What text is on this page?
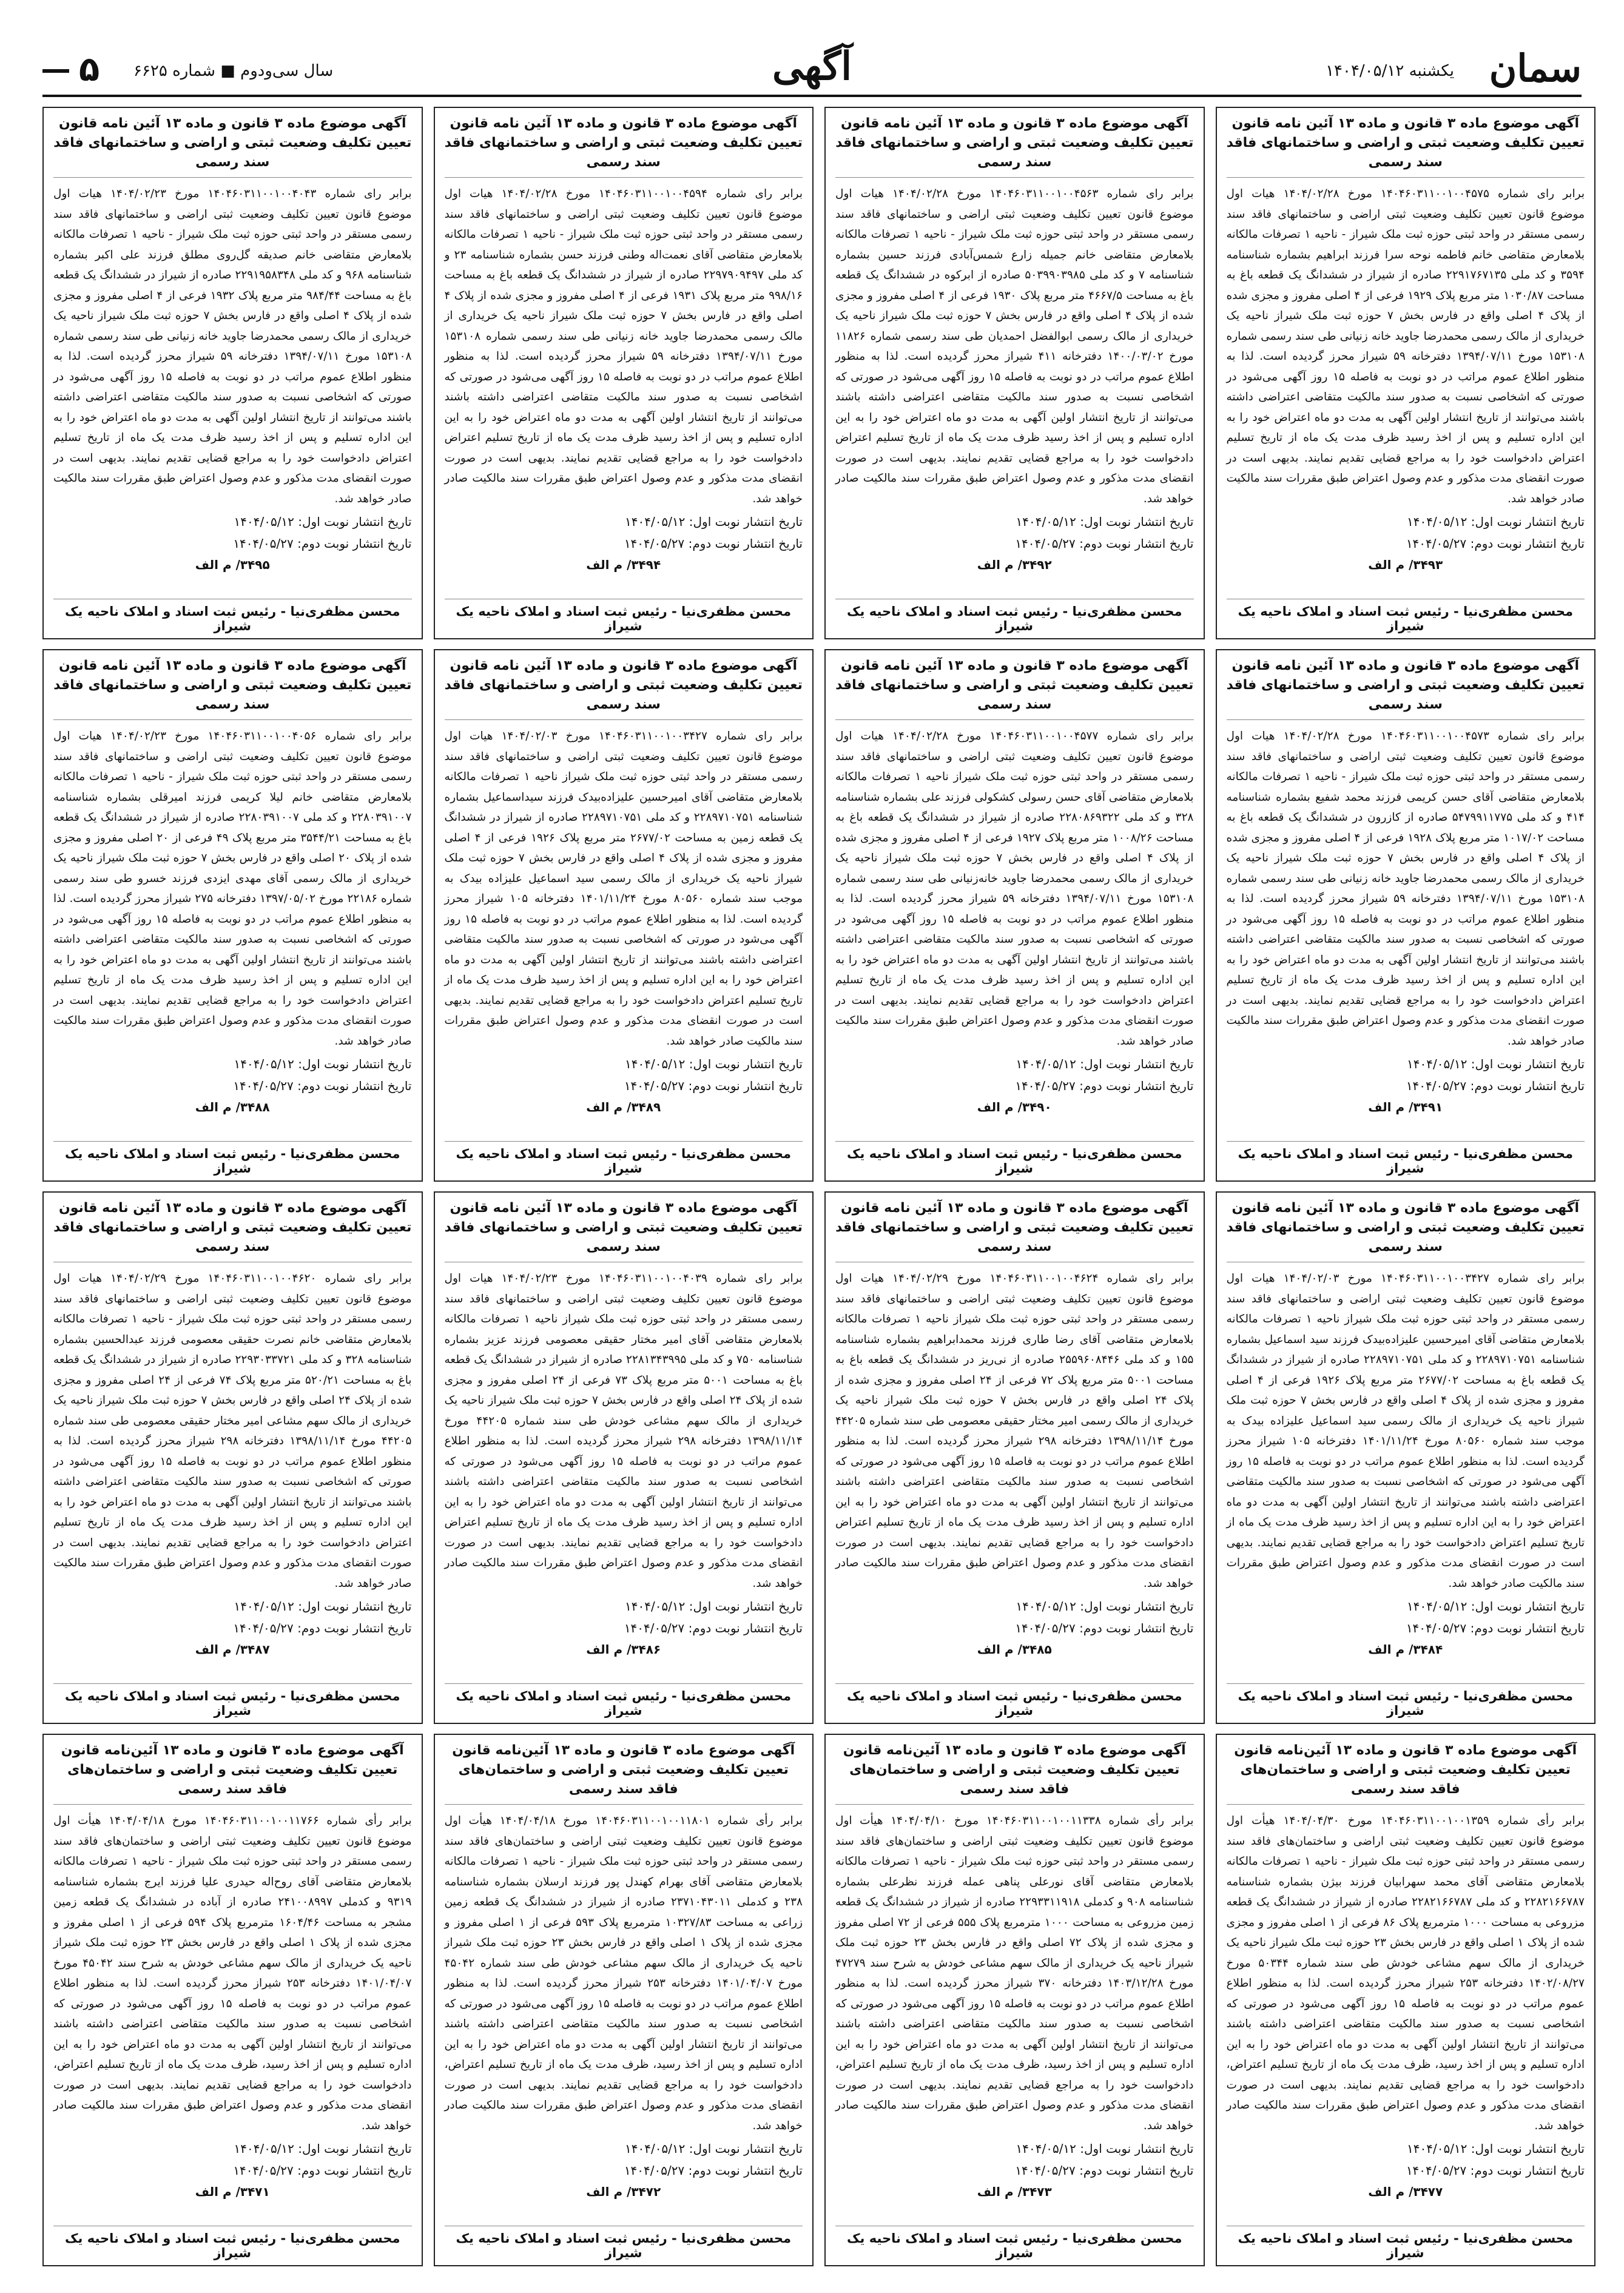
سمان
یکشنبه ۱۴۰۴/۰۵/۱۲
آگهی
سال سی‌ودوم ■ شماره ۶۶۲۵
۵
آگهی موضوع ماده ۳ قانون و ماده ۱۳ آئین نامه قانون تعیین تکلیف وضعیت ثبتی و اراضی و ساختمانهای فاقد سند رسمی
برابر رای شماره ۱۴۰۴۶۰۳۱۱۰۰۱۰۰۴۵۷۵ مورخ ۱۴۰۴/۰۲/۲۸ هیات اول موضوع قانون تعیین تکلیف وضعیت ثبتی اراضی و ساختمانهای فاقد سند رسمی مستقر در واحد ثبتی حوزه ثبت ملک شیراز - ناحیه ۱ تصرفات مالکانه بلامعارض متقاضی خانم فاطمه نوحه سرا فرزند ابراهیم بشماره شناسنامه ۳۵۹۴ و کد ملی ۲۲۹۱۷۶۷۱۳۵ صادره از شیراز در ششدانگ یک قطعه باغ به مساحت ۱۰۳۰/۸۷ متر مربع پلاک ۱۹۲۹ فرعی از ۴ اصلی مفروز و مجزی شده از پلاک ۴ اصلی واقع در فارس بخش ۷ حوزه ثبت ملک شیراز ناحیه یک خریداری از مالک رسمی محمدرضا جاوید خانه زنیانی طی سند رسمی شماره ۱۵۳۱۰۸ مورخ ۱۳۹۴/۰۷/۱۱ دفترخانه ۵۹ شیراز محرز گردیده است. لذا به منظور اطلاع عموم مراتب در دو نوبت به فاصله ۱۵ روز آگهی می‌شود در صورتی که اشخاصی نسبت به صدور سند مالکیت متقاضی اعتراضی داشته باشند می‌توانند از تاریخ انتشار اولین آگهی به مدت دو ماه اعتراض خود را به این اداره تسلیم و پس از اخذ رسید ظرف مدت یک ماه از تاریخ تسلیم اعتراض دادخواست خود را به مراجع قضایی تقدیم نمایند. بدیهی است در صورت انقضای مدت مذکور و عدم وصول اعتراض طبق مقررات سند مالکیت صادر خواهد شد.
تاریخ انتشار نوبت اول: ۱۴۰۴/۰۵/۱۲
تاریخ انتشار نوبت دوم: ۱۴۰۴/۰۵/۲۷
۳۴۹۳/ م الف
محسن مظفری‌نیا - رئیس ثبت اسناد و املاک ناحیه یک شیراز
آگهی موضوع ماده ۳ قانون و ماده ۱۳ آئین نامه قانون تعیین تکلیف وضعیت ثبتی و اراضی و ساختمانهای فاقد سند رسمی
برابر رای شماره ۱۴۰۴۶۰۳۱۱۰۰۱۰۰۴۵۶۳ مورخ ۱۴۰۴/۰۲/۲۸ هیات اول موضوع قانون تعیین تکلیف وضعیت ثبتی اراضی و ساختمانهای فاقد سند رسمی مستقر در واحد ثبتی حوزه ثبت ملک شیراز - ناحیه ۱ تصرفات مالکانه بلامعارض متقاضی خانم جمیله زارع شمس‌آبادی فرزند حسین بشماره شناسنامه ۷ و کد ملی ۵۰۳۹۹۰۳۹۸۵ صادره از ابرکوه در ششدانگ یک قطعه باغ به مساحت ۴۶۶۷/۵ متر مربع پلاک ۱۹۳۰ فرعی از ۴ اصلی مفروز و مجزی شده از پلاک ۴ اصلی واقع در فارس بخش ۷ حوزه ثبت ملک شیراز ناحیه یک خریداری از مالک رسمی ابوالفضل احمدیان طی سند رسمی شماره ۱۱۸۲۶ مورخ ۱۴۰۰/۰۳/۰۲ دفترخانه ۴۱۱ شیراز محرز گردیده است. لذا به منظور اطلاع عموم مراتب در دو نوبت به فاصله ۱۵ روز آگهی می‌شود در صورتی که اشخاصی نسبت به صدور سند مالکیت متقاضی اعتراضی داشته باشند می‌توانند از تاریخ انتشار اولین آگهی به مدت دو ماه اعتراض خود را به این اداره تسلیم و پس از اخذ رسید ظرف مدت یک ماه از تاریخ تسلیم اعتراض دادخواست خود را به مراجع قضایی تقدیم نمایند. بدیهی است در صورت انقضای مدت مذکور و عدم وصول اعتراض طبق مقررات سند مالکیت صادر خواهد شد.
تاریخ انتشار نوبت اول: ۱۴۰۴/۰۵/۱۲
تاریخ انتشار نوبت دوم: ۱۴۰۴/۰۵/۲۷
۳۴۹۲/ م الف
محسن مظفری‌نیا - رئیس ثبت اسناد و املاک ناحیه یک شیراز
آگهی موضوع ماده ۳ قانون و ماده ۱۳ آئین نامه قانون تعیین تکلیف وضعیت ثبتی و اراضی و ساختمانهای فاقد سند رسمی
برابر رای شماره ۱۴۰۴۶۰۳۱۱۰۰۱۰۰۴۵۹۴ مورخ ۱۴۰۴/۰۲/۲۸ هیات اول موضوع قانون تعیین تکلیف وضعیت ثبتی اراضی و ساختمانهای فاقد سند رسمی مستقر در واحد ثبتی حوزه ثبت ملک شیراز - ناحیه ۱ تصرفات مالکانه بلامعارض متقاضی آقای نعمت‌اله وطنی فرزند حسن بشماره شناسنامه ۲۳ و کد ملی ۲۲۹۷۹۰۹۴۹۷ صادره از شیراز در ششدانگ یک قطعه باغ به مساحت ۹۹۸/۱۶ متر مربع پلاک ۱۹۳۱ فرعی از ۴ اصلی مفروز و مجزی شده از پلاک ۴ اصلی واقع در فارس بخش ۷ حوزه ثبت ملک شیراز ناحیه یک خریداری از مالک رسمی محمدرضا جاوید خانه زنیانی طی سند رسمی شماره ۱۵۳۱۰۸ مورخ ۱۳۹۴/۰۷/۱۱ دفترخانه ۵۹ شیراز محرز گردیده است. لذا به منظور اطلاع عموم مراتب در دو نوبت به فاصله ۱۵ روز آگهی می‌شود در صورتی که اشخاصی نسبت به صدور سند مالکیت متقاضی اعتراضی داشته باشند می‌توانند از تاریخ انتشار اولین آگهی به مدت دو ماه اعتراض خود را به این اداره تسلیم و پس از اخذ رسید ظرف مدت یک ماه از تاریخ تسلیم اعتراض دادخواست خود را به مراجع قضایی تقدیم نمایند. بدیهی است در صورت انقضای مدت مذکور و عدم وصول اعتراض طبق مقررات سند مالکیت صادر خواهد شد.
تاریخ انتشار نوبت اول: ۱۴۰۴/۰۵/۱۲
تاریخ انتشار نوبت دوم: ۱۴۰۴/۰۵/۲۷
۳۴۹۴/ م الف
محسن مظفری‌نیا - رئیس ثبت اسناد و املاک ناحیه یک شیراز
آگهی موضوع ماده ۳ قانون و ماده ۱۳ آئین نامه قانون تعیین تکلیف وضعیت ثبتی و اراضی و ساختمانهای فاقد سند رسمی
برابر رای شماره ۱۴۰۴۶۰۳۱۱۰۰۱۰۰۴۰۴۳ مورخ ۱۴۰۴/۰۲/۲۳ هیات اول موضوع قانون تعیین تکلیف وضعیت ثبتی اراضی و ساختمانهای فاقد سند رسمی مستقر در واحد ثبتی حوزه ثبت ملک شیراز - ناحیه ۱ تصرفات مالکانه بلامعارض متقاضی خانم صدیقه گل‌روی مطلق فرزند علی اکبر بشماره شناسنامه ۹۶۸ و کد ملی ۲۲۹۱۹۵۸۳۴۸ صادره از شیراز در ششدانگ یک قطعه باغ به مساحت ۹۸۴/۴۴ متر مربع پلاک ۱۹۳۲ فرعی از ۴ اصلی مفروز و مجزی شده از پلاک ۴ اصلی واقع در فارس بخش ۷ حوزه ثبت ملک شیراز ناحیه یک خریداری از مالک رسمی محمدرضا جاوید خانه زنیانی طی سند رسمی شماره ۱۵۳۱۰۸ مورخ ۱۳۹۴/۰۷/۱۱ دفترخانه ۵۹ شیراز محرز گردیده است. لذا به منظور اطلاع عموم مراتب در دو نوبت به فاصله ۱۵ روز آگهی می‌شود در صورتی که اشخاصی نسبت به صدور سند مالکیت متقاضی اعتراضی داشته باشند می‌توانند از تاریخ انتشار اولین آگهی به مدت دو ماه اعتراض خود را به این اداره تسلیم و پس از اخذ رسید ظرف مدت یک ماه از تاریخ تسلیم اعتراض دادخواست خود را به مراجع قضایی تقدیم نمایند. بدیهی است در صورت انقضای مدت مذکور و عدم وصول اعتراض طبق مقررات سند مالکیت صادر خواهد شد.
تاریخ انتشار نوبت اول: ۱۴۰۴/۰۵/۱۲
تاریخ انتشار نوبت دوم: ۱۴۰۴/۰۵/۲۷
۳۴۹۵/ م الف
محسن مظفری‌نیا - رئیس ثبت اسناد و املاک ناحیه یک شیراز
آگهی موضوع ماده ۳ قانون و ماده ۱۳ آئین نامه قانون تعیین تکلیف وضعیت ثبتی و اراضی و ساختمانهای فاقد سند رسمی
برابر رای شماره ۱۴۰۴۶۰۳۱۱۰۰۱۰۰۴۵۷۳ مورخ ۱۴۰۴/۰۲/۲۸ هیات اول موضوع قانون تعیین تکلیف وضعیت ثبتی اراضی و ساختمانهای فاقد سند رسمی مستقر در واحد ثبتی حوزه ثبت ملک شیراز - ناحیه ۱ تصرفات مالکانه بلامعارض متقاضی آقای حسن کریمی فرزند محمد شفیع بشماره شناسنامه ۴۱۴ و کد ملی ۵۴۷۹۹۱۱۷۷۵ صادره از کازرون در ششدانگ یک قطعه باغ به مساحت ۱۰۱۷/۰۲ متر مربع پلاک ۱۹۲۸ فرعی از ۴ اصلی مفروز و مجزی شده از پلاک ۴ اصلی واقع در فارس بخش ۷ حوزه ثبت ملک شیراز ناحیه یک خریداری از مالک رسمی محمدرضا جاوید خانه زنیانی طی سند رسمی شماره ۱۵۳۱۰۸ مورخ ۱۳۹۴/۰۷/۱۱ دفترخانه ۵۹ شیراز محرز گردیده است. لذا به منظور اطلاع عموم مراتب در دو نوبت به فاصله ۱۵ روز آگهی می‌شود در صورتی که اشخاصی نسبت به صدور سند مالکیت متقاضی اعتراضی داشته باشند می‌توانند از تاریخ انتشار اولین آگهی به مدت دو ماه اعتراض خود را به این اداره تسلیم و پس از اخذ رسید ظرف مدت یک ماه از تاریخ تسلیم اعتراض دادخواست خود را به مراجع قضایی تقدیم نمایند. بدیهی است در صورت انقضای مدت مذکور و عدم وصول اعتراض طبق مقررات سند مالکیت صادر خواهد شد.
تاریخ انتشار نوبت اول: ۱۴۰۴/۰۵/۱۲
تاریخ انتشار نوبت دوم: ۱۴۰۴/۰۵/۲۷
۳۴۹۱/ م الف
محسن مظفری‌نیا - رئیس ثبت اسناد و املاک ناحیه یک شیراز
آگهی موضوع ماده ۳ قانون و ماده ۱۳ آئین نامه قانون تعیین تکلیف وضعیت ثبتی و اراضی و ساختمانهای فاقد سند رسمی
برابر رای شماره ۱۴۰۴۶۰۳۱۱۰۰۱۰۰۴۵۷۷ مورخ ۱۴۰۴/۰۲/۲۸ هیات اول موضوع قانون تعیین تکلیف وضعیت ثبتی اراضی و ساختمانهای فاقد سند رسمی مستقر در واحد ثبتی حوزه ثبت ملک شیراز ناحیه ۱ تصرفات مالکانه بلامعارض متقاضی آقای حسن رسولی کشکولی فرزند علی بشماره شناسنامه ۳۲۸ و کد ملی ۲۲۸۰۸۶۹۳۲۲ صادره از شیراز در ششدانگ یک قطعه باغ به مساحت ۱۰۰۸/۲۶ متر مربع پلاک ۱۹۲۷ فرعی از ۴ اصلی مفروز و مجزی شده از پلاک ۴ اصلی واقع در فارس بخش ۷ حوزه ثبت ملک شیراز ناحیه یک خریداری از مالک رسمی محمدرضا جاوید خانه‌زنیانی طی سند رسمی شماره ۱۵۳۱۰۸ مورخ ۱۳۹۴/۰۷/۱۱ دفترخانه ۵۹ شیراز محرز گردیده است. لذا به منظور اطلاع عموم مراتب در دو نوبت به فاصله ۱۵ روز آگهی می‌شود در صورتی که اشخاصی نسبت به صدور سند مالکیت متقاضی اعتراضی داشته باشند می‌توانند از تاریخ انتشار اولین آگهی به مدت دو ماه اعتراض خود را به این اداره تسلیم و پس از اخذ رسید ظرف مدت یک ماه از تاریخ تسلیم اعتراض دادخواست خود را به مراجع قضایی تقدیم نمایند. بدیهی است در صورت انقضای مدت مذکور و عدم وصول اعتراض طبق مقررات سند مالکیت صادر خواهد شد.
تاریخ انتشار نوبت اول: ۱۴۰۴/۰۵/۱۲
تاریخ انتشار نوبت دوم: ۱۴۰۴/۰۵/۲۷
۳۴۹۰/ م الف
محسن مظفری‌نیا - رئیس ثبت اسناد و املاک ناحیه یک شیراز
آگهی موضوع ماده ۳ قانون و ماده ۱۳ آئین نامه قانون تعیین تکلیف وضعیت ثبتی و اراضی و ساختمانهای فاقد سند رسمی
برابر رای شماره ۱۴۰۴۶۰۳۱۱۰۰۱۰۰۳۴۲۷ مورخ ۱۴۰۴/۰۲/۰۳ هیات اول موضوع قانون تعیین تکلیف وضعیت ثبتی اراضی و ساختمانهای فاقد سند رسمی مستقر در واحد ثبتی حوزه ثبت ملک شیراز ناحیه ۱ تصرفات مالکانه بلامعارض متقاضی آقای امیرحسین علیزاده‌بیدک فرزند سیداسماعیل بشماره شناسنامه ۲۲۸۹۷۱۰۷۵۱ و کد ملی ۲۲۸۹۷۱۰۷۵۱ صادره از شیراز در ششدانگ یک قطعه زمین به مساحت ۲۶۷۷/۰۲ متر مربع پلاک ۱۹۲۶ فرعی از ۴ اصلی مفروز و مجزی شده از پلاک ۴ اصلی واقع در فارس بخش ۷ حوزه ثبت ملک شیراز ناحیه یک خریداری از مالک رسمی سید اسماعیل علیزاده بیدک به موجب سند شماره ۸۰۵۶۰ مورخ ۱۴۰۱/۱۱/۲۴ دفترخانه ۱۰۵ شیراز محرز گردیده است. لذا به منظور اطلاع عموم مراتب در دو نوبت به فاصله ۱۵ روز آگهی می‌شود در صورتی که اشخاصی نسبت به صدور سند مالکیت متقاضی اعتراضی داشته باشند می‌توانند از تاریخ انتشار اولین آگهی به مدت دو ماه اعتراض خود را به این اداره تسلیم و پس از اخذ رسید ظرف مدت یک ماه از تاریخ تسلیم اعتراض دادخواست خود را به مراجع قضایی تقدیم نمایند. بدیهی است در صورت انقضای مدت مذکور و عدم وصول اعتراض طبق مقررات سند مالکیت صادر خواهد شد.
تاریخ انتشار نوبت اول: ۱۴۰۴/۰۵/۱۲
تاریخ انتشار نوبت دوم: ۱۴۰۴/۰۵/۲۷
۳۴۸۹/ م الف
محسن مظفری‌نیا - رئیس ثبت اسناد و املاک ناحیه یک شیراز
آگهی موضوع ماده ۳ قانون و ماده ۱۳ آئین نامه قانون تعیین تکلیف وضعیت ثبتی و اراضی و ساختمانهای فاقد سند رسمی
برابر رای شماره ۱۴۰۴۶۰۳۱۱۰۰۱۰۰۴۰۵۶ مورخ ۱۴۰۴/۰۲/۲۳ هیات اول موضوع قانون تعیین تکلیف وضعیت ثبتی اراضی و ساختمانهای فاقد سند رسمی مستقر در واحد ثبتی حوزه ثبت ملک شیراز - ناحیه ۱ تصرفات مالکانه بلامعارض متقاضی خانم لیلا کریمی فرزند امیرقلی بشماره شناسنامه ۲۲۸۰۳۹۱۰۰۷ و کد ملی ۲۲۸۰۳۹۱۰۰۷ صادره از شیراز در ششدانگ یک قطعه باغ به مساحت ۳۵۴۴/۲۱ متر مربع پلاک ۴۹ فرعی از ۲۰ اصلی مفروز و مجزی شده از پلاک ۲۰ اصلی واقع در فارس بخش ۷ حوزه ثبت ملک شیراز ناحیه یک خریداری از مالک رسمی آقای مهدی ایزدی فرزند خسرو طی سند رسمی شماره ۲۲۱۸۶ مورخ ۱۳۹۷/۰۵/۰۲ دفترخانه ۲۷۵ شیراز محرز گردیده است. لذا به منظور اطلاع عموم مراتب در دو نوبت به فاصله ۱۵ روز آگهی می‌شود در صورتی که اشخاصی نسبت به صدور سند مالکیت متقاضی اعتراضی داشته باشند می‌توانند از تاریخ انتشار اولین آگهی به مدت دو ماه اعتراض خود را به این اداره تسلیم و پس از اخذ رسید ظرف مدت یک ماه از تاریخ تسلیم اعتراض دادخواست خود را به مراجع قضایی تقدیم نمایند. بدیهی است در صورت انقضای مدت مذکور و عدم وصول اعتراض طبق مقررات سند مالکیت صادر خواهد شد.
تاریخ انتشار نوبت اول: ۱۴۰۴/۰۵/۱۲
تاریخ انتشار نوبت دوم: ۱۴۰۴/۰۵/۲۷
۳۴۸۸/ م الف
محسن مظفری‌نیا - رئیس ثبت اسناد و املاک ناحیه یک شیراز
آگهی موضوع ماده ۳ قانون و ماده ۱۳ آئین نامه قانون تعیین تکلیف وضعیت ثبتی و اراضی و ساختمانهای فاقد سند رسمی
برابر رای شماره ۱۴۰۴۶۰۳۱۱۰۰۱۰۰۳۴۲۷ مورخ ۱۴۰۴/۰۲/۰۳ هیات اول موضوع قانون تعیین تکلیف وضعیت ثبتی اراضی و ساختمانهای فاقد سند رسمی مستقر در واحد ثبتی حوزه ثبت ملک شیراز ناحیه ۱ تصرفات مالکانه بلامعارض متقاضی آقای امیرحسین علیزاده‌بیدک فرزند سید اسماعیل بشماره شناسنامه ۲۲۸۹۷۱۰۷۵۱ و کد ملی ۲۲۸۹۷۱۰۷۵۱ صادره از شیراز در ششدانگ یک قطعه باغ به مساحت ۲۶۷۷/۰۲ متر مربع پلاک ۱۹۲۶ فرعی از ۴ اصلی مفروز و مجزی شده از پلاک ۴ اصلی واقع در فارس بخش ۷ حوزه ثبت ملک شیراز ناحیه یک خریداری از مالک رسمی سید اسماعیل علیزاده بیدک به موجب سند شماره ۸۰۵۶۰ مورخ ۱۴۰۱/۱۱/۲۴ دفترخانه ۱۰۵ شیراز محرز گردیده است. لذا به منظور اطلاع عموم مراتب در دو نوبت به فاصله ۱۵ روز آگهی می‌شود در صورتی که اشخاصی نسبت به صدور سند مالکیت متقاضی اعتراضی داشته باشند می‌توانند از تاریخ انتشار اولین آگهی به مدت دو ماه اعتراض خود را به این اداره تسلیم و پس از اخذ رسید ظرف مدت یک ماه از تاریخ تسلیم اعتراض دادخواست خود را به مراجع قضایی تقدیم نمایند. بدیهی است در صورت انقضای مدت مذکور و عدم وصول اعتراض طبق مقررات سند مالکیت صادر خواهد شد.
تاریخ انتشار نوبت اول: ۱۴۰۴/۰۵/۱۲
تاریخ انتشار نوبت دوم: ۱۴۰۴/۰۵/۲۷
۳۴۸۴/ م الف
محسن مظفری‌نیا - رئیس ثبت اسناد و املاک ناحیه یک شیراز
آگهی موضوع ماده ۳ قانون و ماده ۱۳ آئین نامه قانون تعیین تکلیف وضعیت ثبتی و اراضی و ساختمانهای فاقد سند رسمی
برابر رای شماره ۱۴۰۴۶۰۳۱۱۰۰۱۰۰۴۶۲۴ مورخ ۱۴۰۴/۰۲/۲۹ هیات اول موضوع قانون تعیین تکلیف وضعیت ثبتی اراضی و ساختمانهای فاقد سند رسمی مستقر در واحد ثبتی حوزه ثبت ملک شیراز ناحیه ۱ تصرفات مالکانه بلامعارض متقاضی آقای رضا طاری فرزند محمدابراهیم بشماره شناسنامه ۱۵۵ و کد ملی ۲۵۵۹۶۰۸۴۴۶ صادره از نی‌ریز در ششدانگ یک قطعه باغ به مساحت ۵۰۰۱ متر مربع پلاک ۷۲ فرعی از ۲۴ اصلی مفروز و مجزی شده از پلاک ۲۴ اصلی واقع در فارس بخش ۷ حوزه ثبت ملک شیراز ناحیه یک خریداری از مالک رسمی امیر مختار حقیقی معصومی طی سند شماره ۴۴۲۰۵ مورخ ۱۳۹۸/۱۱/۱۴ دفترخانه ۲۹۸ شیراز محرز گردیده است. لذا به منظور اطلاع عموم مراتب در دو نوبت به فاصله ۱۵ روز آگهی می‌شود در صورتی که اشخاصی نسبت به صدور سند مالکیت متقاضی اعتراضی داشته باشند می‌توانند از تاریخ انتشار اولین آگهی به مدت دو ماه اعتراض خود را به این اداره تسلیم و پس از اخذ رسید ظرف مدت یک ماه از تاریخ تسلیم اعتراض دادخواست خود را به مراجع قضایی تقدیم نمایند. بدیهی است در صورت انقضای مدت مذکور و عدم وصول اعتراض طبق مقررات سند مالکیت صادر خواهد شد.
تاریخ انتشار نوبت اول: ۱۴۰۴/۰۵/۱۲
تاریخ انتشار نوبت دوم: ۱۴۰۴/۰۵/۲۷
۳۴۸۵/ م الف
محسن مظفری‌نیا - رئیس ثبت اسناد و املاک ناحیه یک شیراز
آگهی موضوع ماده ۳ قانون و ماده ۱۳ آئین نامه قانون تعیین تکلیف وضعیت ثبتی و اراضی و ساختمانهای فاقد سند رسمی
برابر رای شماره ۱۴۰۴۶۰۳۱۱۰۰۱۰۰۴۰۳۹ مورخ ۱۴۰۴/۰۲/۲۳ هیات اول موضوع قانون تعیین تکلیف وضعیت ثبتی اراضی و ساختمانهای فاقد سند رسمی مستقر در واحد ثبتی حوزه ثبت ملک شیراز ناحیه ۱ تصرفات مالکانه بلامعارض متقاضی آقای امیر مختار حقیقی معصومی فرزند عزیز بشماره شناسنامه ۷۵۰ و کد ملی ۲۲۸۱۳۴۳۹۹۵ صادره از شیراز در ششدانگ یک قطعه باغ به مساحت ۵۰۰۱ متر مربع پلاک ۷۳ فرعی از ۲۴ اصلی مفروز و مجزی شده از پلاک ۲۴ اصلی واقع در فارس بخش ۷ حوزه ثبت ملک شیراز ناحیه یک خریداری از مالک سهم مشاعی خودش طی سند شماره ۴۴۲۰۵ مورخ ۱۳۹۸/۱۱/۱۴ دفترخانه ۲۹۸ شیراز محرز گردیده است. لذا به منظور اطلاع عموم مراتب در دو نوبت به فاصله ۱۵ روز آگهی می‌شود در صورتی که اشخاصی نسبت به صدور سند مالکیت متقاضی اعتراضی داشته باشند می‌توانند از تاریخ انتشار اولین آگهی به مدت دو ماه اعتراض خود را به این اداره تسلیم و پس از اخذ رسید ظرف مدت یک ماه از تاریخ تسلیم اعتراض دادخواست خود را به مراجع قضایی تقدیم نمایند. بدیهی است در صورت انقضای مدت مذکور و عدم وصول اعتراض طبق مقررات سند مالکیت صادر خواهد شد.
تاریخ انتشار نوبت اول: ۱۴۰۴/۰۵/۱۲
تاریخ انتشار نوبت دوم: ۱۴۰۴/۰۵/۲۷
۳۴۸۶/ م الف
محسن مظفری‌نیا - رئیس ثبت اسناد و املاک ناحیه یک شیراز
آگهی موضوع ماده ۳ قانون و ماده ۱۳ آئین نامه قانون تعیین تکلیف وضعیت ثبتی و اراضی و ساختمانهای فاقد سند رسمی
برابر رای شماره ۱۴۰۴۶۰۳۱۱۰۰۱۰۰۴۶۲۰ مورخ ۱۴۰۴/۰۲/۲۹ هیات اول موضوع قانون تعیین تکلیف وضعیت ثبتی اراضی و ساختمانهای فاقد سند رسمی مستقر در واحد ثبتی حوزه ثبت ملک شیراز - ناحیه ۱ تصرفات مالکانه بلامعارض متقاضی خانم نصرت حقیقی معصومی فرزند عبدالحسین بشماره شناسنامه ۳۲۸ و کد ملی ۲۲۹۳۰۳۳۷۲۱ صادره از شیراز در ششدانگ یک قطعه باغ به مساحت ۵۲۰/۲۱ متر مربع پلاک ۷۴ فرعی از ۲۴ اصلی مفروز و مجزی شده از پلاک ۲۴ اصلی واقع در فارس بخش ۷ حوزه ثبت ملک شیراز ناحیه یک خریداری از مالک سهم مشاعی امیر مختار حقیقی معصومی طی سند شماره ۴۴۲۰۵ مورخ ۱۳۹۸/۱۱/۱۴ دفترخانه ۲۹۸ شیراز محرز گردیده است. لذا به منظور اطلاع عموم مراتب در دو نوبت به فاصله ۱۵ روز آگهی می‌شود در صورتی که اشخاصی نسبت به صدور سند مالکیت متقاضی اعتراضی داشته باشند می‌توانند از تاریخ انتشار اولین آگهی به مدت دو ماه اعتراض خود را به این اداره تسلیم و پس از اخذ رسید ظرف مدت یک ماه از تاریخ تسلیم اعتراض دادخواست خود را به مراجع قضایی تقدیم نمایند. بدیهی است در صورت انقضای مدت مذکور و عدم وصول اعتراض طبق مقررات سند مالکیت صادر خواهد شد.
تاریخ انتشار نوبت اول: ۱۴۰۴/۰۵/۱۲
تاریخ انتشار نوبت دوم: ۱۴۰۴/۰۵/۲۷
۳۴۸۷/ م الف
محسن مظفری‌نیا - رئیس ثبت اسناد و املاک ناحیه یک شیراز
آگهی موضوع ماده ۳ قانون و ماده ۱۳ آئین‌نامه قانون تعیین تکلیف وضعیت ثبتی و اراضی و ساختمان‌های فاقد سند رسمی
برابر رأی شماره ۱۴۰۴۶۰۳۱۱۰۰۱۰۰۱۳۵۹ مورخ ۱۴۰۴/۰۴/۳۰ هیأت اول موضوع قانون تعیین تکلیف وضعیت ثبتی اراضی و ساختمان‌های فاقد سند رسمی مستقر در واحد ثبتی حوزه ثبت ملک شیراز - ناحیه ۱ تصرفات مالکانه بلامعارض متقاضی آقای محمد سهرابیان فرزند بیژن بشماره شناسنامه ۲۲۸۲۱۶۶۷۸۷ و کد ملی ۲۲۸۲۱۶۶۷۸۷ صادره از شیراز در ششدانگ یک قطعه مزروعی به مساحت ۱۰۰۰ مترمربع پلاک ۸۶ فرعی از ۱ اصلی مفروز و مجزی شده از پلاک ۱ اصلی واقع در فارس بخش ۲۳ حوزه ثبت ملک شیراز ناحیه یک خریداری از مالک سهم مشاعی خودش طی سند شماره ۵۰۳۴۴ مورخ ۱۴۰۲/۰۸/۲۷ دفترخانه ۲۵۳ شیراز محرز گردیده است. لذا به منظور اطلاع عموم مراتب در دو نوبت به فاصله ۱۵ روز آگهی می‌شود در صورتی که اشخاصی نسبت به صدور سند مالکیت متقاضی اعتراضی داشته باشند می‌توانند از تاریخ انتشار اولین آگهی به مدت دو ماه اعتراض خود را به این اداره تسلیم و پس از اخذ رسید، ظرف مدت یک ماه از تاریخ تسلیم اعتراض، دادخواست خود را به مراجع قضایی تقدیم نمایند. بدیهی است در صورت انقضای مدت مذکور و عدم وصول اعتراض طبق مقررات سند مالکیت صادر خواهد شد.
تاریخ انتشار نوبت اول: ۱۴۰۴/۰۵/۱۲
تاریخ انتشار نوبت دوم: ۱۴۰۴/۰۵/۲۷
۳۴۷۷/ م الف
محسن مظفری‌نیا - رئیس ثبت اسناد و املاک ناحیه یک شیراز
آگهی موضوع ماده ۳ قانون و ماده ۱۳ آئین‌نامه قانون تعیین تکلیف وضعیت ثبتی و اراضی و ساختمان‌های فاقد سند رسمی
برابر رأی شماره ۱۴۰۴۶۰۳۱۱۰۰۱۰۰۱۱۳۳۸ مورخ ۱۴۰۴/۰۴/۱۰ هیأت اول موضوع قانون تعیین تکلیف وضعیت ثبتی اراضی و ساختمان‌های فاقد سند رسمی مستقر در واحد ثبتی حوزه ثبت ملک شیراز - ناحیه ۱ تصرفات مالکانه بلامعارض متقاضی آقای نورعلی پناهی عمله فرزند نظرعلی بشماره شناسنامه ۹۰۸ و کدملی ۲۲۹۳۳۱۱۹۱۸ صادره از شیراز در ششدانگ یک قطعه زمین مزروعی به مساحت ۱۰۰۰ مترمربع پلاک ۵۵۵ فرعی از ۷۲ اصلی مفروز و مجزی شده از پلاک ۷۲ اصلی واقع در فارس بخش ۲۳ حوزه ثبت ملک شیراز ناحیه یک خریداری از مالک سهم مشاعی خودش به شرح سند ۴۷۲۷۹ مورخ ۱۴۰۳/۱۲/۲۸ دفترخانه ۳۷۰ شیراز محرز گردیده است. لذا به منظور اطلاع عموم مراتب در دو نوبت به فاصله ۱۵ روز آگهی می‌شود در صورتی که اشخاصی نسبت به صدور سند مالکیت متقاضی اعتراضی داشته باشند می‌توانند از تاریخ انتشار اولین آگهی به مدت دو ماه اعتراض خود را به این اداره تسلیم و پس از اخذ رسید، ظرف مدت یک ماه از تاریخ تسلیم اعتراض، دادخواست خود را به مراجع قضایی تقدیم نمایند. بدیهی است در صورت انقضای مدت مذکور و عدم وصول اعتراض طبق مقررات سند مالکیت صادر خواهد شد.
تاریخ انتشار نوبت اول: ۱۴۰۴/۰۵/۱۲
تاریخ انتشار نوبت دوم: ۱۴۰۴/۰۵/۲۷
۳۴۷۳/ م الف
محسن مظفری‌نیا - رئیس ثبت اسناد و املاک ناحیه یک شیراز
آگهی موضوع ماده ۳ قانون و ماده ۱۳ آئین‌نامه قانون تعیین تکلیف وضعیت ثبتی و اراضی و ساختمان‌های فاقد سند رسمی
برابر رأی شماره ۱۴۰۴۶۰۳۱۱۰۰۱۰۰۱۱۸۰۱ مورخ ۱۴۰۴/۰۴/۱۸ هیأت اول موضوع قانون تعیین تکلیف وضعیت ثبتی اراضی و ساختمان‌های فاقد سند رسمی مستقر در واحد ثبتی حوزه ثبت ملک شیراز - ناحیه ۱ تصرفات مالکانه بلامعارض متقاضی آقای بهرام کهندل پور فرزند ارسلان بشماره شناسنامه ۲۳۸ و کدملی ۲۳۷۱۰۴۳۰۱۱ صادره از شیراز در ششدانگ یک قطعه زمین زراعی به مساحت ۱۰۳۲۷/۸۳ مترمربع پلاک ۵۹۳ فرعی از ۱ اصلی مفروز و مجزی شده از پلاک ۱ اصلی واقع در فارس بخش ۲۳ حوزه ثبت ملک شیراز ناحیه یک خریداری از مالک سهم مشاعی خودش طی سند شماره ۴۵۰۴۲ مورخ ۱۴۰۱/۰۴/۰۷ دفترخانه ۲۵۳ شیراز محرز گردیده است. لذا به منظور اطلاع عموم مراتب در دو نوبت به فاصله ۱۵ روز آگهی می‌شود در صورتی که اشخاصی نسبت به صدور سند مالکیت متقاضی اعتراضی داشته باشند می‌توانند از تاریخ انتشار اولین آگهی به مدت دو ماه اعتراض خود را به این اداره تسلیم و پس از اخذ رسید، ظرف مدت یک ماه از تاریخ تسلیم اعتراض، دادخواست خود را به مراجع قضایی تقدیم نمایند. بدیهی است در صورت انقضای مدت مذکور و عدم وصول اعتراض طبق مقررات سند مالکیت صادر خواهد شد.
تاریخ انتشار نوبت اول: ۱۴۰۴/۰۵/۱۲
تاریخ انتشار نوبت دوم: ۱۴۰۴/۰۵/۲۷
۳۴۷۲/ م الف
محسن مظفری‌نیا - رئیس ثبت اسناد و املاک ناحیه یک شیراز
آگهی موضوع ماده ۳ قانون و ماده ۱۳ آئین‌نامه قانون تعیین تکلیف وضعیت ثبتی و اراضی و ساختمان‌های فاقد سند رسمی
برابر رأی شماره ۱۴۰۴۶۰۳۱۱۰۰۱۰۰۱۱۷۶۶ مورخ ۱۴۰۴/۰۴/۱۸ هیأت اول موضوع قانون تعیین تکلیف وضعیت ثبتی اراضی و ساختمان‌های فاقد سند رسمی مستقر در واحد ثبتی حوزه ثبت ملک شیراز - ناحیه ۱ تصرفات مالکانه بلامعارض متقاضی آقای روح‌اله حیدری علیا فرزند ایرج بشماره شناسنامه ۹۳۱۹ و کدملی ۲۴۱۰۰۸۹۹۷ صادره از آباده در ششدانگ یک قطعه زمین مشجر به مساحت ۱۶۰۴/۴۶ مترمربع پلاک ۵۹۴ فرعی از ۱ اصلی مفروز و مجزی شده از پلاک ۱ اصلی واقع در فارس بخش ۲۳ حوزه ثبت ملک شیراز ناحیه یک خریداری از مالک سهم مشاعی خودش به شرح سند ۴۵۰۴۲ مورخ ۱۴۰۱/۰۴/۰۷ دفترخانه ۲۵۳ شیراز محرز گردیده است. لذا به منظور اطلاع عموم مراتب در دو نوبت به فاصله ۱۵ روز آگهی می‌شود در صورتی که اشخاصی نسبت به صدور سند مالکیت متقاضی اعتراضی داشته باشند می‌توانند از تاریخ انتشار اولین آگهی به مدت دو ماه اعتراض خود را به این اداره تسلیم و پس از اخذ رسید، ظرف مدت یک ماه از تاریخ تسلیم اعتراض، دادخواست خود را به مراجع قضایی تقدیم نمایند. بدیهی است در صورت انقضای مدت مذکور و عدم وصول اعتراض طبق مقررات سند مالکیت صادر خواهد شد.
تاریخ انتشار نوبت اول: ۱۴۰۴/۰۵/۱۲
تاریخ انتشار نوبت دوم: ۱۴۰۴/۰۵/۲۷
۳۴۷۱/ م الف
محسن مظفری‌نیا - رئیس ثبت اسناد و املاک ناحیه یک شیراز
